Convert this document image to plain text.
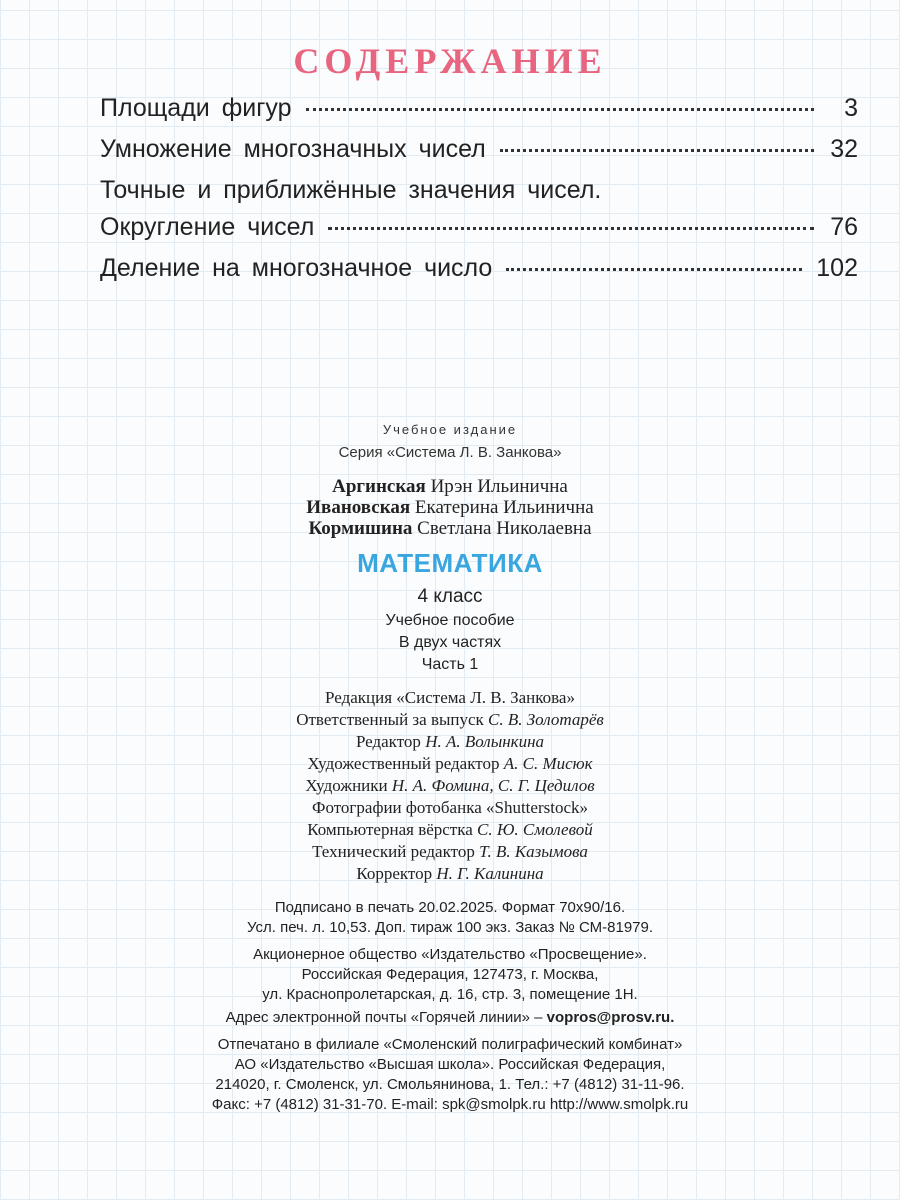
СОДЕРЖАНИЕ
Площади фигур	3
Умножение многозначных чисел	32
Точные и приближённые значения чисел.
Округление чисел	76
Деление на многозначное число	102
Учебное издание
Серия «Система Л. В. Занкова»
Аргинская Ирэн Ильинична
Ивановская Екатерина Ильинична
Кормишина Светлана Николаевна
МАТЕМАТИКА
4 класс
Учебное пособие
В двух частях
Часть 1
Редакция «Система Л. В. Занкова»
Ответственный за выпуск С. В. Золотарёв
Редактор Н. А. Волынкина
Художественный редактор А. С. Мисюк
Художники Н. А. Фомина, С. Г. Цедилов
Фотографии фотобанка «Shutterstock»
Компьютерная вёрстка С. Ю. Смолевой
Технический редактор Т. В. Казымова
Корректор Н. Г. Калинина
Подписано в печать 20.02.2025. Формат 70х90/16.
Усл. печ. л. 10,53. Доп. тираж 100 экз. Заказ № СМ-81979.
Акционерное общество «Издательство «Просвещение».
Российская Федерация, 127473, г. Москва,
ул. Краснопролетарская, д. 16, стр. 3, помещение 1Н.
Адрес электронной почты «Горячей линии» – vopros@prosv.ru.
Отпечатано в филиале «Смоленский полиграфический комбинат»
АО «Издательство «Высшая школа». Российская Федерация,
214020, г. Смоленск, ул. Смольянинова, 1. Тел.: +7 (4812) 31-11-96.
Факс: +7 (4812) 31-31-70. E-mail: spk@smolpk.ru http://www.smolpk.ru
